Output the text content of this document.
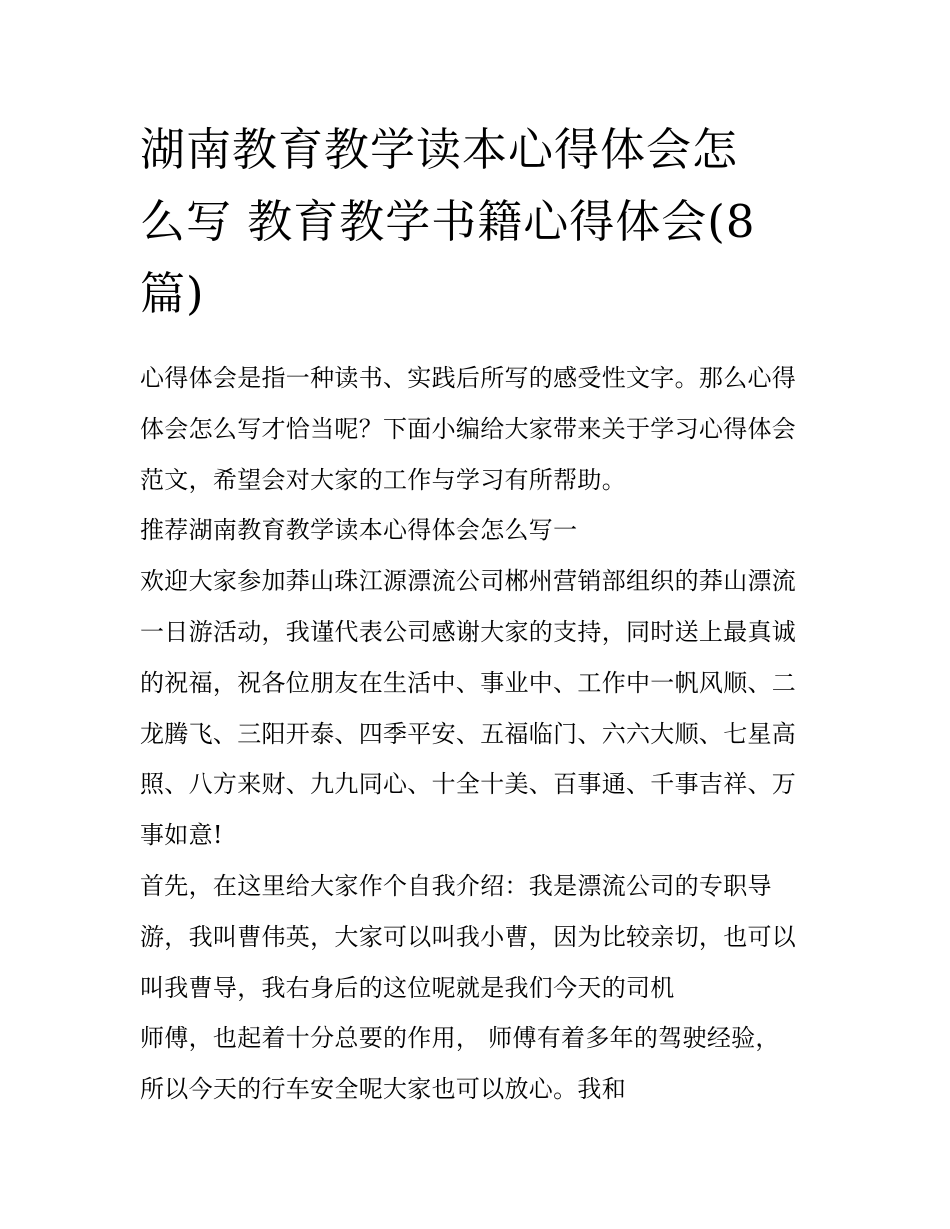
湖南教育教学读本心得体会怎
么写 教育教学书籍心得体会(8
篇)
心得体会是指一种读书、实践后所写的感受性文字。那么心得
体会怎么写才恰当呢？下面小编给大家带来关于学习心得体会
范文，希望会对大家的工作与学习有所帮助。
推荐湖南教育教学读本心得体会怎么写一
欢迎大家参加莽山珠江源漂流公司郴州营销部组织的莽山漂流
一日游活动，我谨代表公司感谢大家的支持，同时送上最真诚
的祝福，祝各位朋友在生活中、事业中、工作中一帆风顺、二
龙腾飞、三阳开泰、四季平安、五福临门、六六大顺、七星高
照、八方来财、九九同心、十全十美、百事通、千事吉祥、万
事如意!
首先，在这里给大家作个自我介绍：我是漂流公司的专职导
游，我叫曹伟英，大家可以叫我小曹，因为比较亲切，也可以
叫我曹导，我右身后的这位呢就是我们今天的司机
师傅，也起着十分总要的作用， 师傅有着多年的驾驶经验，
所以今天的行车安全呢大家也可以放心。我和
